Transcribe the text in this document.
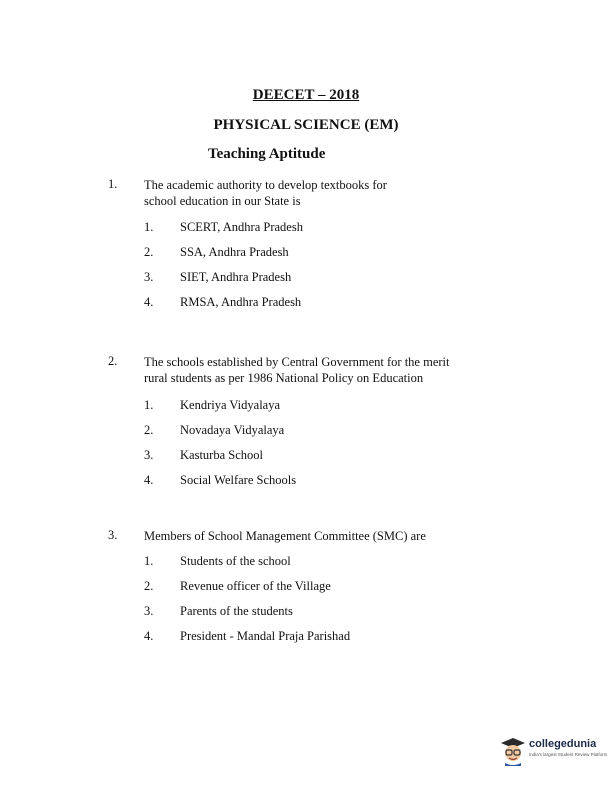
DEECET – 2018
PHYSICAL SCIENCE (EM)
Teaching Aptitude
1. The academic authority to develop textbooks for
school education in our State is
1. SCERT, Andhra Pradesh
2. SSA, Andhra Pradesh
3. SIET, Andhra Pradesh
4. RMSA, Andhra Pradesh
2. The schools established by Central Government for the merit
rural students as per 1986 National Policy on Education
1. Kendriya Vidyalaya
2. Novadaya Vidyalaya
3. Kasturba School
4. Social Welfare Schools
3. Members of School Management Committee (SMC) are
1. Students of the school
2. Revenue officer of the Village
3. Parents of the students
4. President - Mandal Praja Parishad
collegedunia
India's largest Student Review Platform
